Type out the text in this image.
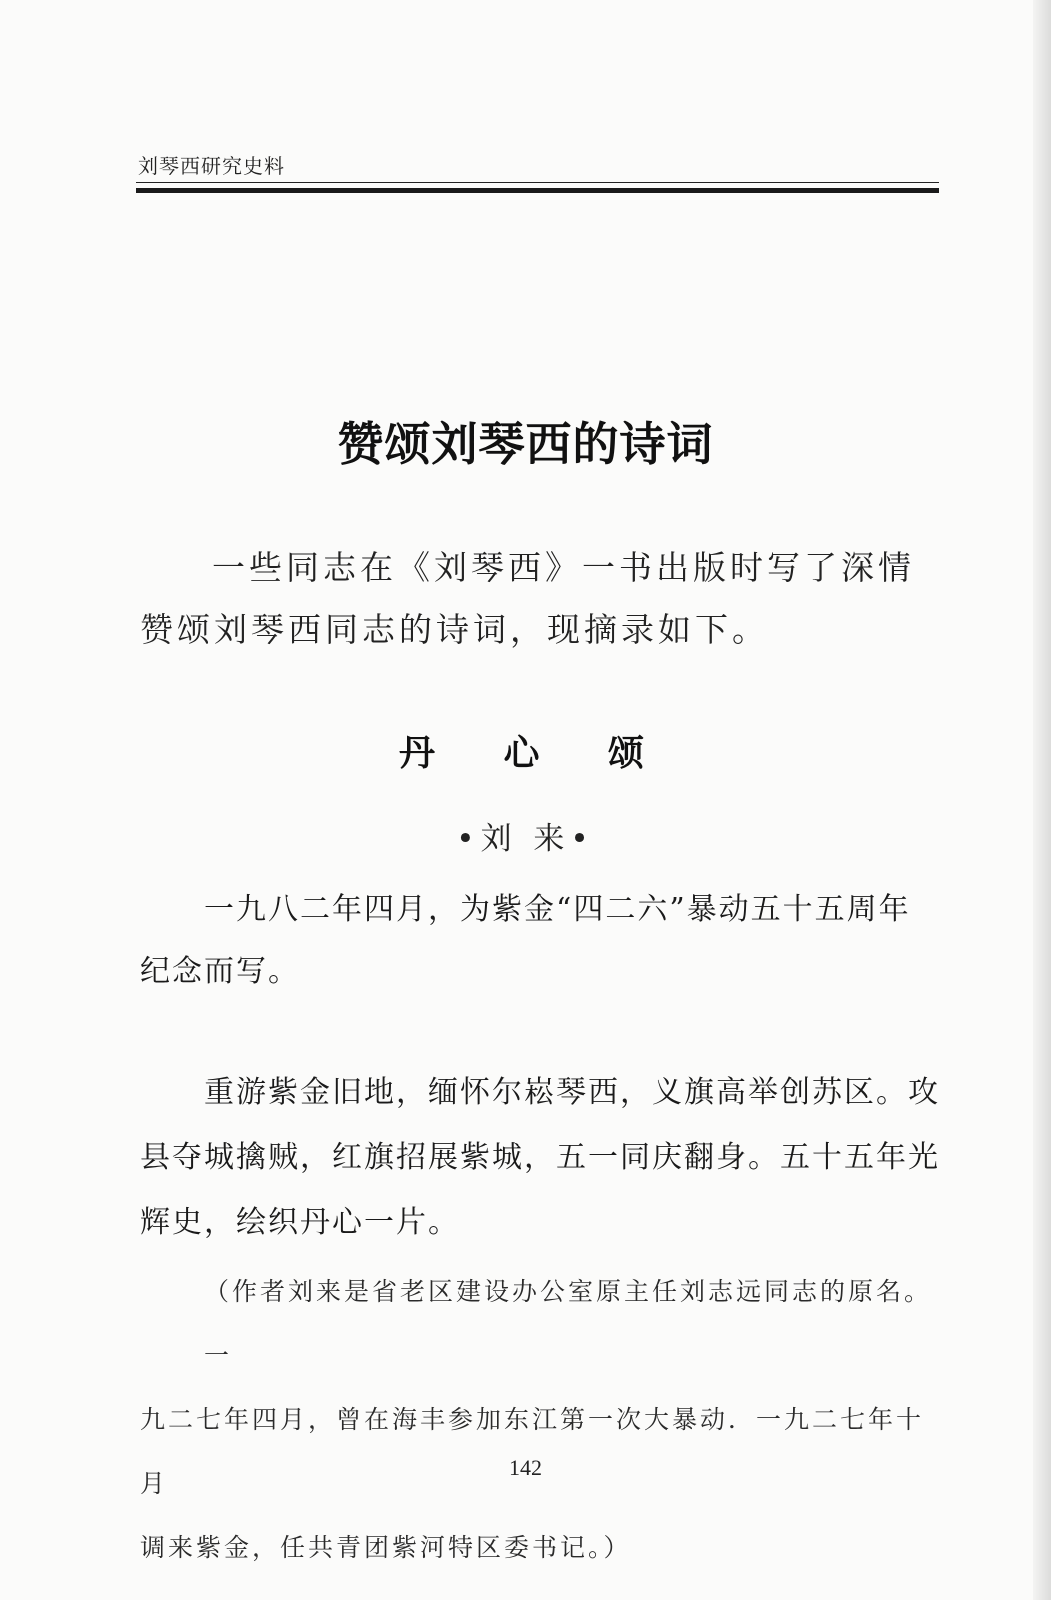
刘琴西研究史料
赞颂刘琴西的诗词
一些同志在《刘琴西》一书出版时写了深情
赞颂刘琴西同志的诗词，现摘录如下。
丹 心 颂
•刘 来•
一九八二年四月，为紫金“四二六”暴动五十五周年
纪念而写。
重游紫金旧地，缅怀尔崧琴西，义旗高举创苏区。攻
县夺城擒贼，红旗招展紫城，五一同庆翻身。五十五年光
辉史，绘织丹心一片。
（作者刘来是省老区建设办公室原主任刘志远同志的原名。一
九二七年四月，曾在海丰参加东江第一次大暴动．一九二七年十月
调来紫金，任共青团紫河特区委书记。）
142
